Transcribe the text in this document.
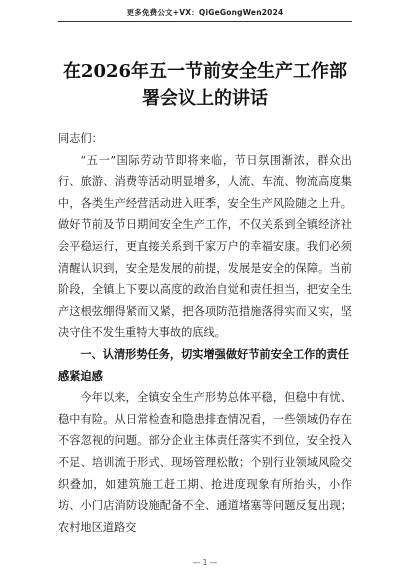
更多免费公文+VX：QiGeGongWen2024
在2026年五一节前安全生产工作部署会议上的讲话

同志们：

“五一”国际劳动节即将来临，节日氛围渐浓，群众出行、旅游、消费等活动明显增多，人流、车流、物流高度集中，各类生产经营活动进入旺季，安全生产风险随之上升。做好节前及节日期间安全生产工作，不仅关系到全镇经济社会平稳运行，更直接关系到千家万户的幸福安康。我们必须清醒认识到，安全是发展的前提，发展是安全的保障。当前阶段，全镇上下要以高度的政治自觉和责任担当，把安全生产这根弦绷得紧而又紧，把各项防范措施落得实而又实，坚决守住不发生重特大事故的底线。

一、认清形势任务，切实增强做好节前安全工作的责任感紧迫感

今年以来，全镇安全生产形势总体平稳，但稳中有忧、稳中有险。从日常检查和隐患排查情况看，一些领域仍存在不容忽视的问题。部分企业主体责任落实不到位，安全投入不足、培训流于形式、现场管理松散；个别行业领域风险交织叠加，如建筑施工赶工期、抢进度现象有所抬头，小作坊、小门店消防设施配备不全、通道堵塞等问题反复出现；农村地区道路交

— 1 —
